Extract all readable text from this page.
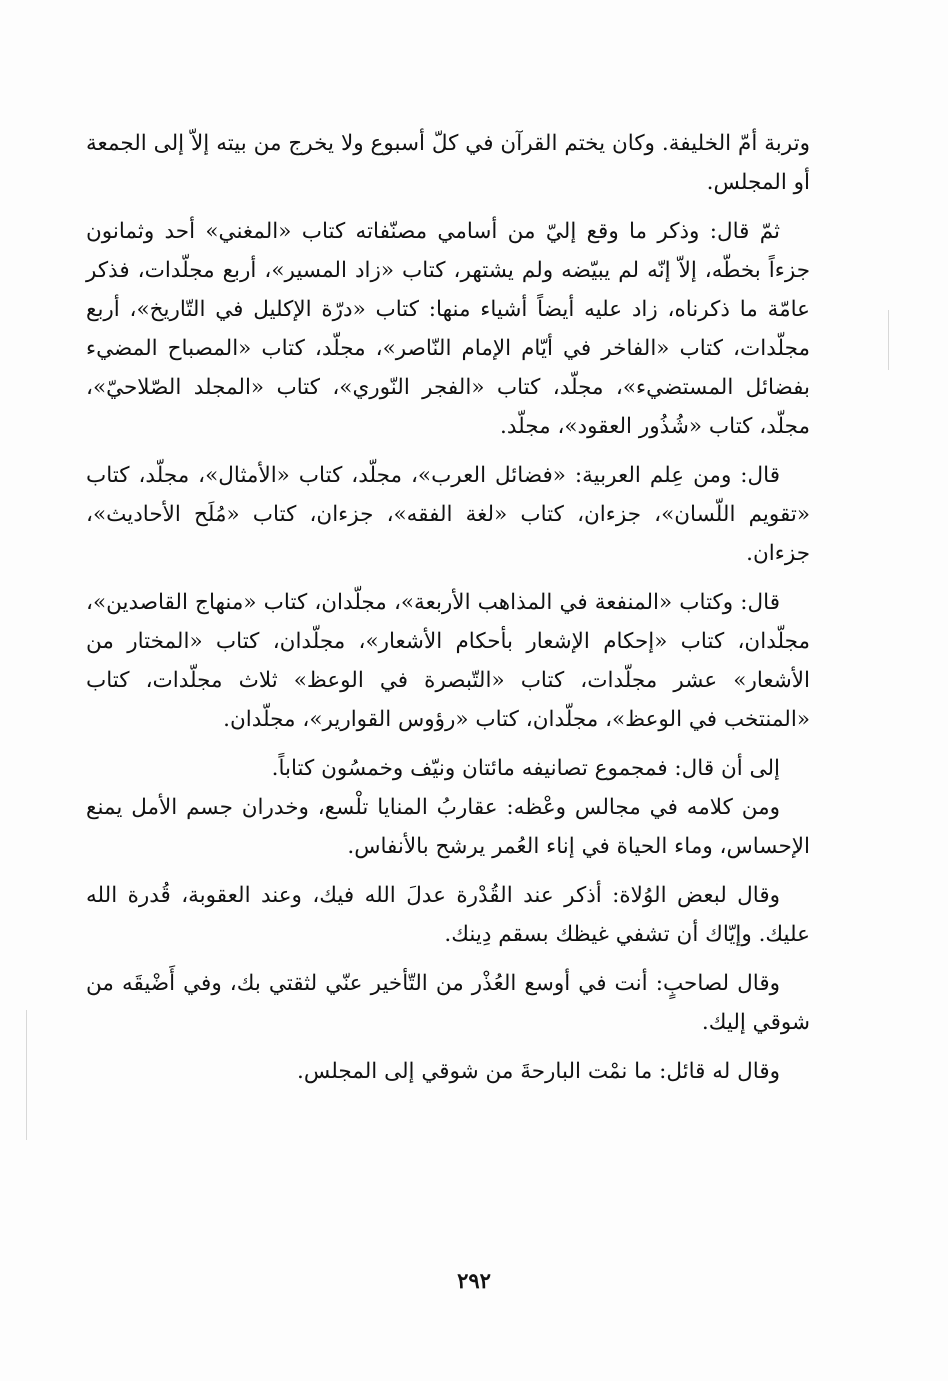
وتربة أمّ الخليفة. وكان يختم القرآن في كلّ أسبوع ولا يخرج من بيته إلاّ إلى الجمعة أو المجلس.

ثمّ قال: وذكر ما وقع إليّ من أسامي مصنّفاته كتاب «المغني» أحد وثمانون جزءاً بخطّه، إلاّ إنّه لم يبيّضه ولم يشتهر، كتاب «زاد المسير»، أربع مجلّدات، فذكر عامّة ما ذكرناه، زاد عليه أيضاً أشياء منها: كتاب «درّة الإكليل في التّاريخ»، أربع مجلّدات، كتاب «الفاخر في أيّام الإمام النّاصر»، مجلّد، كتاب «المصباح المضيء بفضائل المستضيء»، مجلّد، كتاب «الفجر النّوري»، كتاب «المجلد الصّلاحيّ»، مجلّد، كتاب «شُذُور العقود»، مجلّد.

قال: ومن عِلم العربية: «فضائل العرب»، مجلّد، كتاب «الأمثال»، مجلّد، كتاب «تقويم اللّسان»، جزءان، كتاب «لغة الفقه»، جزءان، كتاب «مُلَح الأحاديث»، جزءان.

قال: وكتاب «المنفعة في المذاهب الأربعة»، مجلّدان، كتاب «منهاج القاصدين»، مجلّدان، كتاب «إحكام الإشعار بأحكام الأشعار»، مجلّدان، كتاب «المختار من الأشعار» عشر مجلّدات، كتاب «التّبصرة في الوعظ» ثلاث مجلّدات، كتاب «المنتخب في الوعظ»، مجلّدان، كتاب «رؤوس القوارير»، مجلّدان.

إلى أن قال: فمجموع تصانيفه مائتان ونيّف وخمسُون كتاباً.

ومن كلامه في مجالس وعْظه: عقاربُ المنايا تلْسع، وخدران جسم الأمل يمنع الإحساس، وماء الحياة في إناء العُمر يرشح بالأنفاس.

وقال لبعض الوُلاة: أذكر عند القُدْرة عدلَ الله فيك، وعند العقوبة، قُدرة الله عليك. وإيّاك أن تشفي غيظك بسقم دِينك.

وقال لصاحبٍ: أنت في أوسع العُذْر من التّأخير عنّي لثقتي بك، وفي أَضْيقَه من شوقي إليك.

وقال له قائل: ما نمْت البارحةَ من شوقي إلى المجلس.

٢٩٢
